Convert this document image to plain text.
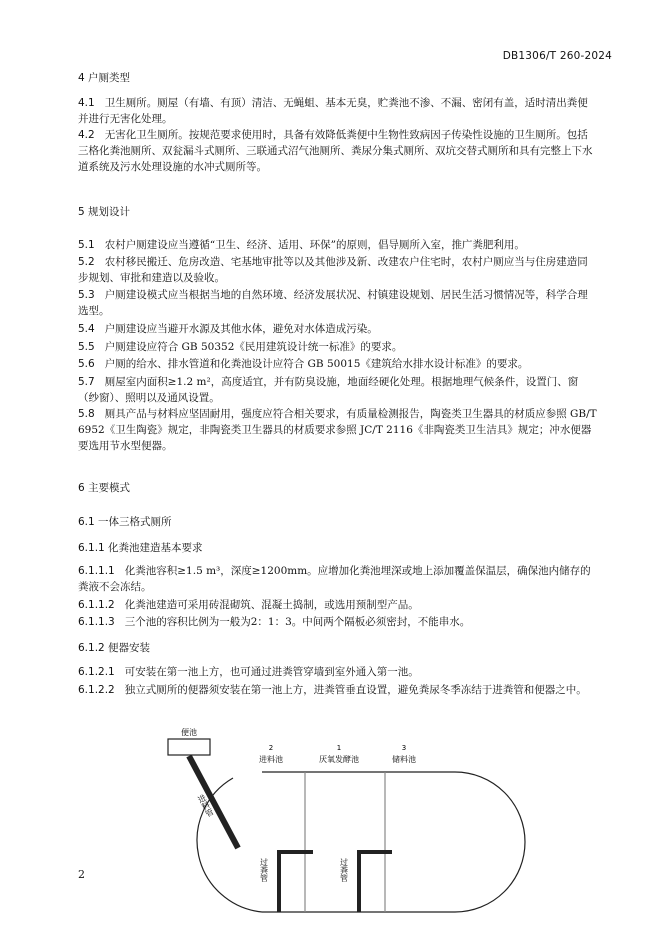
DB1306/T 260-2024
4 户厕类型

4.1 卫生厕所。厕屋（有墙、有顶）清洁、无蝇蛆、基本无臭，贮粪池不渗、不漏、密闭有盖，适时清出粪便并进行无害化处理。

4.2 无害化卫生厕所。按规范要求使用时，具备有效降低粪便中生物性致病因子传染性设施的卫生厕所。包括三格化粪池厕所、双瓮漏斗式厕所、三联通式沼气池厕所、粪尿分集式厕所、双坑交替式厕所和具有完整上下水道系统及污水处理设施的水冲式厕所等。

5 规划设计

5.1 农村户厕建设应当遵循“卫生、经济、适用、环保”的原则，倡导厕所入室，推广粪肥利用。

5.2 农村移民搬迁、危房改造、宅基地审批等以及其他涉及新、改建农户住宅时，农村户厕应当与住房建造同步规划、审批和建造以及验收。

5.3 户厕建设模式应当根据当地的自然环境、经济发展状况、村镇建设规划、居民生活习惯情况等，科学合理选型。

5.4 户厕建设应当避开水源及其他水体，避免对水体造成污染。

5.5 户厕建设应符合 GB 50352《民用建筑设计统一标准》的要求。

5.6 户厕的给水、排水管道和化粪池设计应符合 GB 50015《建筑给水排水设计标准》的要求。

5.7 厕屋室内面积≥1.2 m²，高度适宜，并有防臭设施，地面经硬化处理。根据地理气候条件，设置门、窗（纱窗）、照明以及通风设置。

5.8 厕具产品与材料应坚固耐用，强度应符合相关要求，有质量检测报告，陶瓷类卫生器具的材质应参照 GB/T 6952《卫生陶瓷》规定，非陶瓷类卫生器具的材质要求参照 JC/T 2116《非陶瓷类卫生洁具》规定；冲水便器要选用节水型便器。

6 主要模式
6.1 一体三格式厕所
6.1.1 化粪池建造基本要求

6.1.1.1 化粪池容积≥1.5 m³，深度≥1200mm。应增加化粪池埋深或地上添加覆盖保温层，确保池内储存的粪液不会冻结。

6.1.1.2 化粪池建造可采用砖混砌筑、混凝土捣制，或选用预制型产品。

6.1.1.3 三个池的容积比例为一般为2：1：3。中间两个隔板必须密封，不能串水。

6.1.2 便器安装

6.1.2.1 可安装在第一池上方，也可通过进粪管穿墙到室外通入第一池。

6.1.2.2 独立式厕所的便器须安装在第一池上方，进粪管垂直设置，避免粪尿冬季冻结于进粪管和便器之中。

便池
2
进料池
1
厌氧发酵池
3
储料池
进料管
过粪管	过粪管
2
